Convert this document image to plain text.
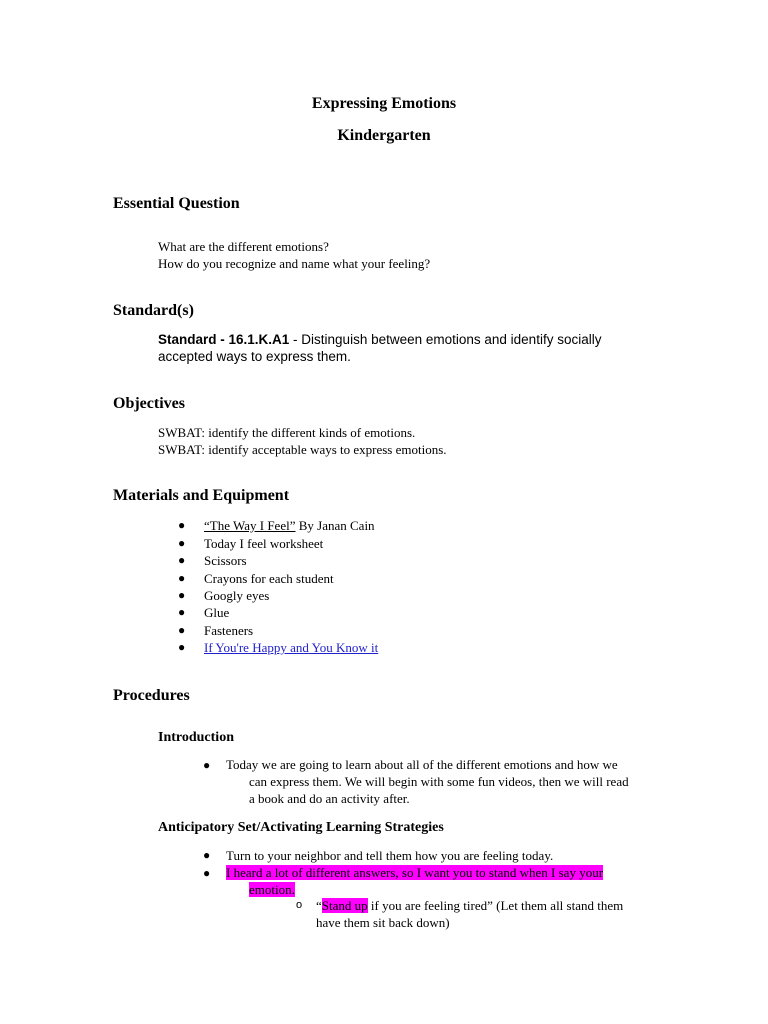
Expressing Emotions
Kindergarten
Essential Question
What are the different emotions?
How do you recognize and name what your feeling?
Standard(s)
Standard - 16.1.K.A1 - Distinguish between emotions and identify socially
accepted ways to express them.
Objectives
SWBAT: identify the different kinds of emotions.
SWBAT: identify acceptable ways to express emotions.
Materials and Equipment
● “The Way I Feel” By Janan Cain
● Today I feel worksheet
● Scissors
● Crayons for each student
● Googly eyes
● Glue
● Fasteners
● If You're Happy and You Know it
Procedures
Introduction
● Today we are going to learn about all of the different emotions and how we
can express them. We will begin with some fun videos, then we will read
a book and do an activity after.
Anticipatory Set/Activating Learning Strategies
● Turn to your neighbor and tell them how you are feeling today.
● I heard a lot of different answers, so I want you to stand when I say your
emotion.
o “Stand up if you are feeling tired” (Let them all stand them
have them sit back down)
